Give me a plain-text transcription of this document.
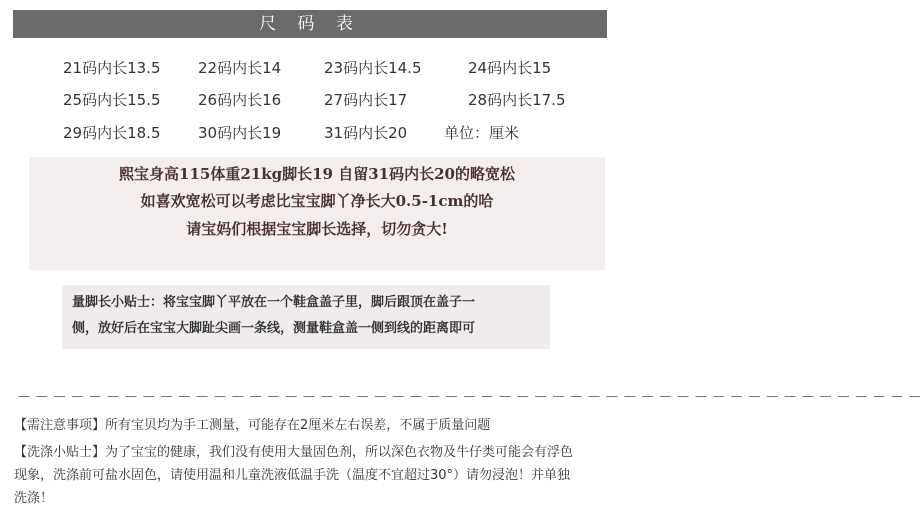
尺 码 表
21码内长13.5	22码内长14	23码内长14.5	24码内长15
25码内长15.5	26码内长16	27码内长17	28码内长17.5
29码内长18.5	30码内长19	31码内长20 单位：厘米
熙宝身高115体重21kg脚长19 自留31码内长20的略宽松
如喜欢宽松可以考虑比宝宝脚丫净长大0.5-1cm的哈
请宝妈们根据宝宝脚长选择，切勿贪大!
量脚长小贴士：将宝宝脚丫平放在一个鞋盒盖子里，脚后跟顶在盖子一
侧，放好后在宝宝大脚趾尖画一条线，测量鞋盒盖一侧到线的距离即可
— — — — — — — — — — — — — — — — — — — — — — — — — — — — — — — — — — — — — — — — — — — — — — — — — — —
【需注意事项】所有宝贝均为手工测量，可能存在2厘米左右误差，不属于质量问题
【洗涤小贴士】为了宝宝的健康，我们没有使用大量固色剂，所以深色衣物及牛仔类可能会有浮色
现象，洗涤前可盐水固色，请使用温和儿童洗液低温手洗（温度不宜超过30°）请勿浸泡！并单独
洗涤！
